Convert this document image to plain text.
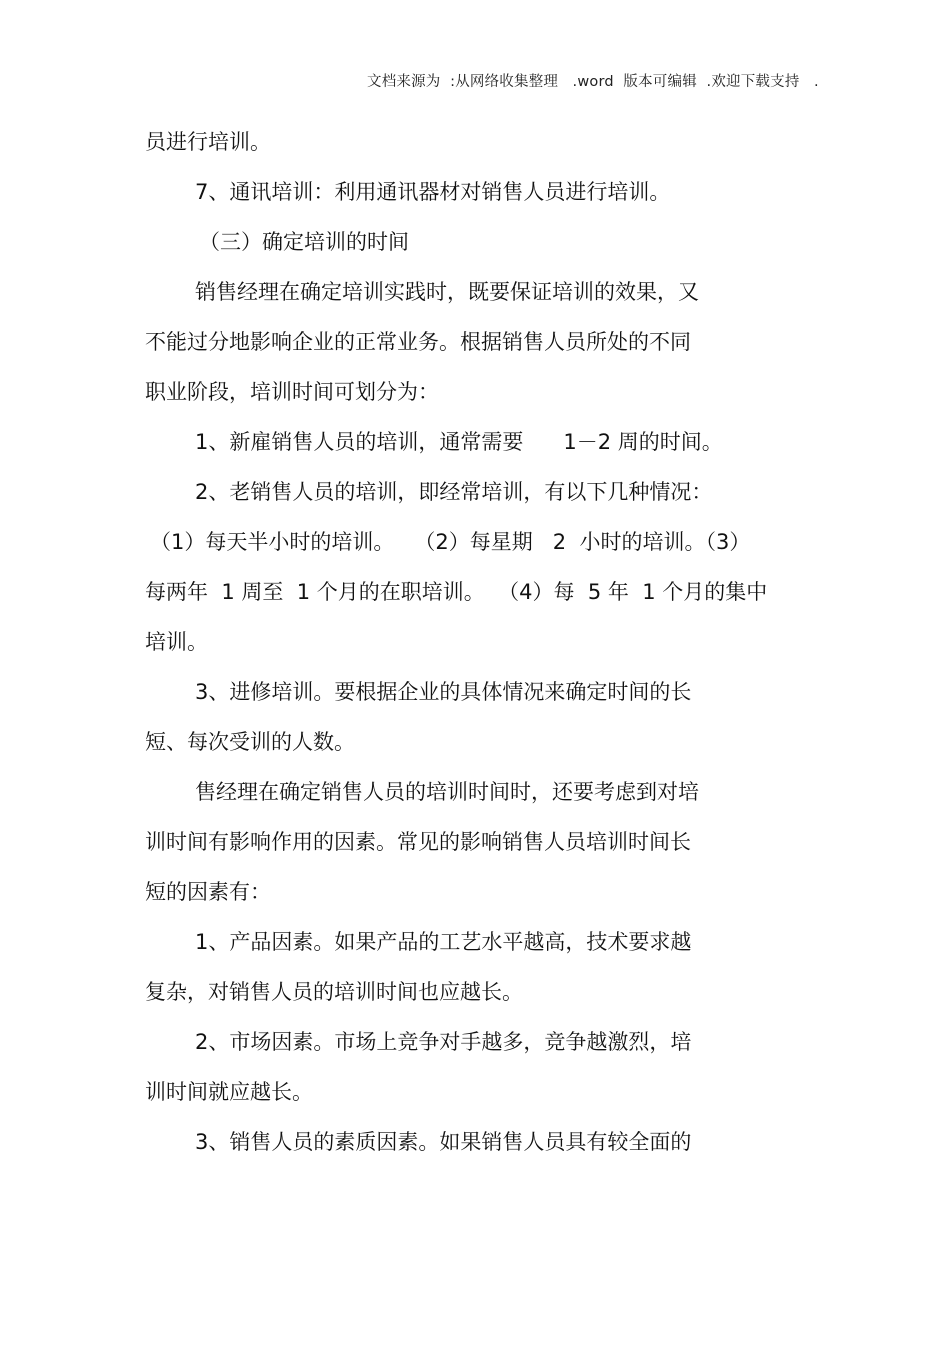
文档来源为  :从网络收集整理   .word  版本可编辑  .欢迎下载支持   .
员进行培训。
7、通讯培训：利用通讯器材对销售人员进行培训。
（三）确定培训的时间
销售经理在确定培训实践时，既要保证培训的效果，又
不能过分地影响企业的正常业务。根据销售人员所处的不同
职业阶段，培训时间可划分为：
1、新雇销售人员的培训，通常需要      1－2 周的时间。
2、老销售人员的培训，即经常培训，有以下几种情况：
（1）每天半小时的培训。   （2）每星期   2  小时的培训。（3）
每两年  1 周至  1 个月的在职培训。  （4）每  5 年  1 个月的集中
培训。
3、进修培训。要根据企业的具体情况来确定时间的长
短、每次受训的人数。
售经理在确定销售人员的培训时间时，还要考虑到对培
训时间有影响作用的因素。常见的影响销售人员培训时间长
短的因素有：
1、产品因素。如果产品的工艺水平越高，技术要求越
复杂，对销售人员的培训时间也应越长。
2、市场因素。市场上竞争对手越多，竞争越激烈，培
训时间就应越长。
3、销售人员的素质因素。如果销售人员具有较全面的
